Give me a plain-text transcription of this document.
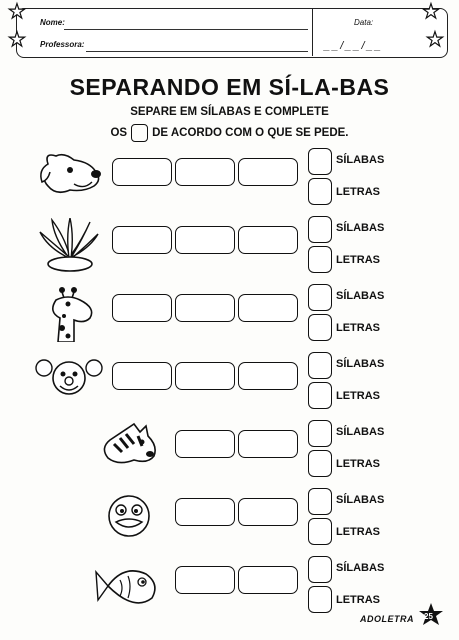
★
★
★
★
Nome:
Professora:
Data:
__/__/__
SEPARANDO EM SÍ-LA-BAS
SEPARE EM SÍLABAS E COMPLETE
OS DE ACORDO COM O QUE SE PEDE.
SÍLABAS
LETRAS
SÍLABAS
LETRAS
SÍLABAS
LETRAS
SÍLABAS
LETRAS
SÍLABAS
LETRAS
SÍLABAS
LETRAS
SÍLABAS
LETRAS
ADOLETRA 25
